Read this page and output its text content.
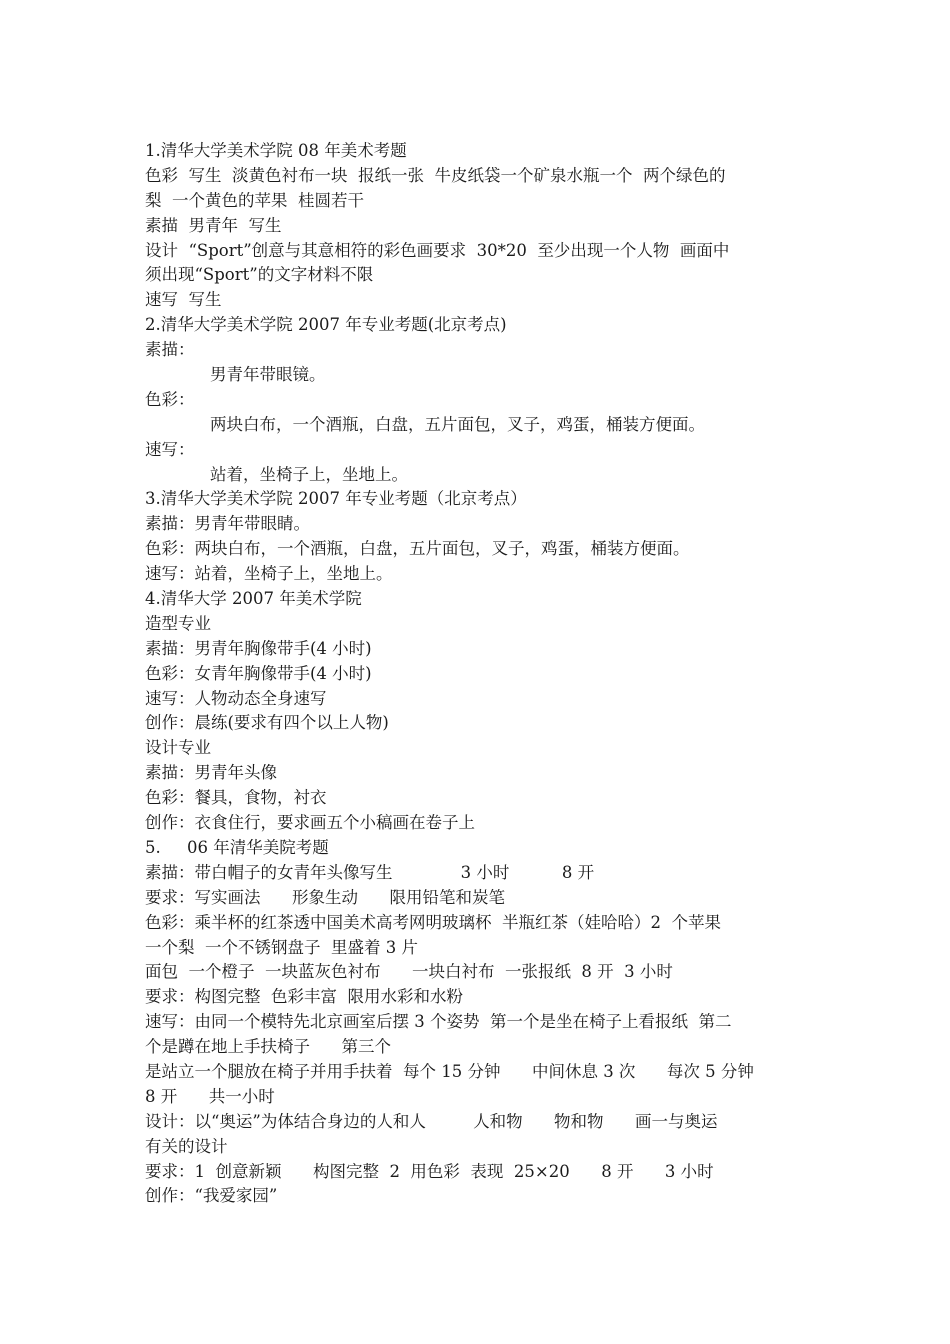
1.清华大学美术学院 08 年美术考题
色彩  写生  淡黄色衬布一块  报纸一张  牛皮纸袋一个矿泉水瓶一个  两个绿色的
梨  一个黄色的苹果  桂圆若干
素描  男青年  写生
设计  “Sport”创意与其意相符的彩色画要求  30*20  至少出现一个人物  画面中
须出现“Sport”的文字材料不限
速写  写生
2.清华大学美术学院 2007 年专业考题(北京考点)
素描：
男青年带眼镜。
色彩：
两块白布，一个酒瓶，白盘，五片面包，叉子，鸡蛋，桶装方便面。
速写：
站着，坐椅子上，坐地上。
3.清华大学美术学院 2007 年专业考题（北京考点）
素描：男青年带眼睛。
色彩：两块白布，一个酒瓶，白盘，五片面包，叉子，鸡蛋，桶装方便面。
速写：站着，坐椅子上，坐地上。
4.清华大学 2007 年美术学院
造型专业
素描：男青年胸像带手(4 小时)
色彩：女青年胸像带手(4 小时)
速写：人物动态全身速写
创作：晨练(要求有四个以上人物)
设计专业
素描：男青年头像
色彩：餐具，食物，衬衣
创作：衣食住行，要求画五个小稿画在卷子上
5.     06 年清华美院考题
素描：带白帽子的女青年头像写生             3 小时          8 开
要求：写实画法      形象生动      限用铅笔和炭笔
色彩：乘半杯的红茶透中国美术高考网明玻璃杯  半瓶红茶（娃哈哈）2  个苹果
一个梨  一个不锈钢盘子  里盛着 3 片
面包  一个橙子  一块蓝灰色衬布      一块白衬布  一张报纸  8 开  3 小时
要求：构图完整  色彩丰富  限用水彩和水粉
速写：由同一个模特先北京画室后摆 3 个姿势  第一个是坐在椅子上看报纸  第二
个是蹲在地上手扶椅子      第三个
是站立一个腿放在椅子并用手扶着  每个 15 分钟      中间休息 3 次      每次 5 分钟
8 开      共一小时
设计：以“奥运”为体结合身边的人和人         人和物      物和物      画一与奥运
有关的设计
要求：1  创意新颖      构图完整  2  用色彩  表现  25×20      8 开      3 小时
创作：“我爱家园”
